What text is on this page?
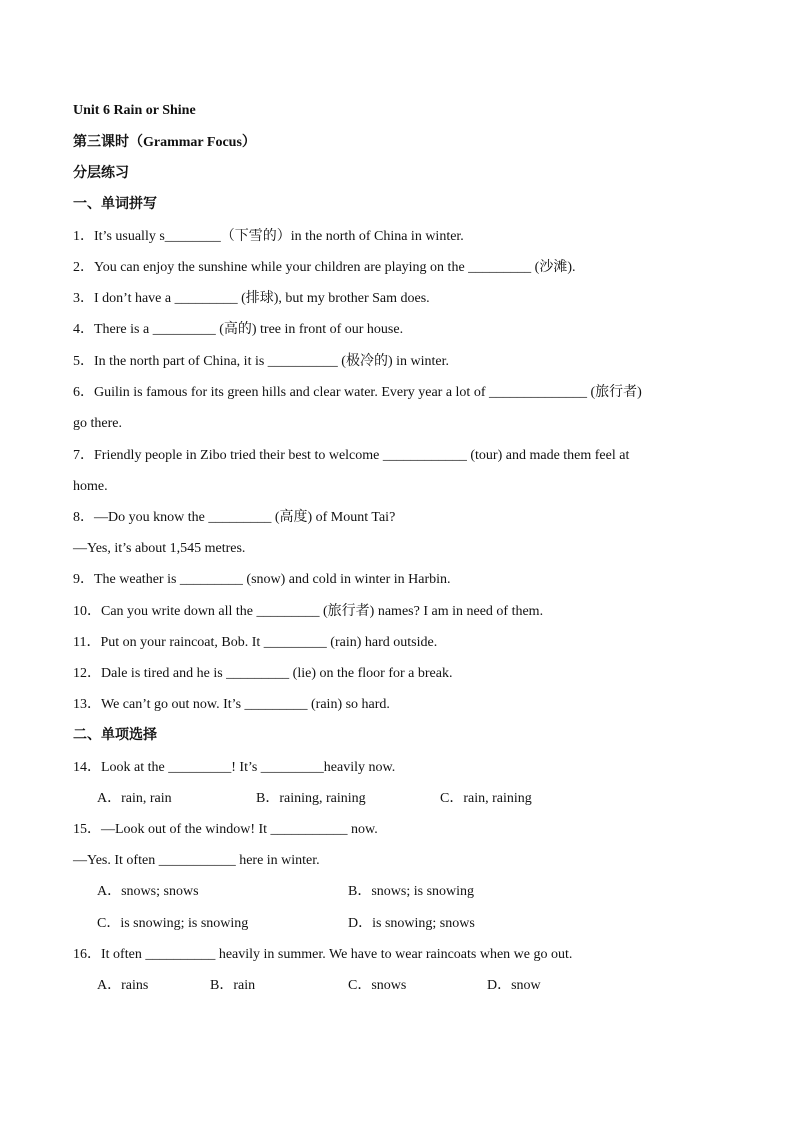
Unit 6 Rain or Shine
第三课时（Grammar Focus）
分层练习
一、单词拼写
1．It’s usually s________（下雪的）in the north of China in winter.
2．You can enjoy the sunshine while your children are playing on the _________ (沙滩).
3．I don’t have a _________ (排球), but my brother Sam does.
4．There is a _________ (高的) tree in front of our house.
5．In the north part of China, it is __________ (极冷的) in winter.
6．Guilin is famous for its green hills and clear water. Every year a lot of ______________ (旅行者)
go there.
7．Friendly people in Zibo tried their best to welcome ____________ (tour) and made them feel at
home.
8．—Do you know the _________ (高度) of Mount Tai?
—Yes, it’s about 1,545 metres.
9．The weather is _________ (snow) and cold in winter in Harbin.
10．Can you write down all the _________ (旅行者) names? I am in need of them.
11．Put on your raincoat, Bob. It _________ (rain) hard outside.
12．Dale is tired and he is _________ (lie) on the floor for a break.
13．We can’t go out now. It’s _________ (rain) so hard.
二、单项选择
14．Look at the _________! It’s _________heavily now.
A．rain, rain	B．raining, raining	C．rain, raining
15．—Look out of the window! It ___________ now.
—Yes. It often ___________ here in winter.
A．snows; snows	B．snows; is snowing
C．is snowing; is snowing	D．is snowing; snows
16．It often __________ heavily in summer. We have to wear raincoats when we go out.
A．rains	B．rain	C．snows	D．snow
